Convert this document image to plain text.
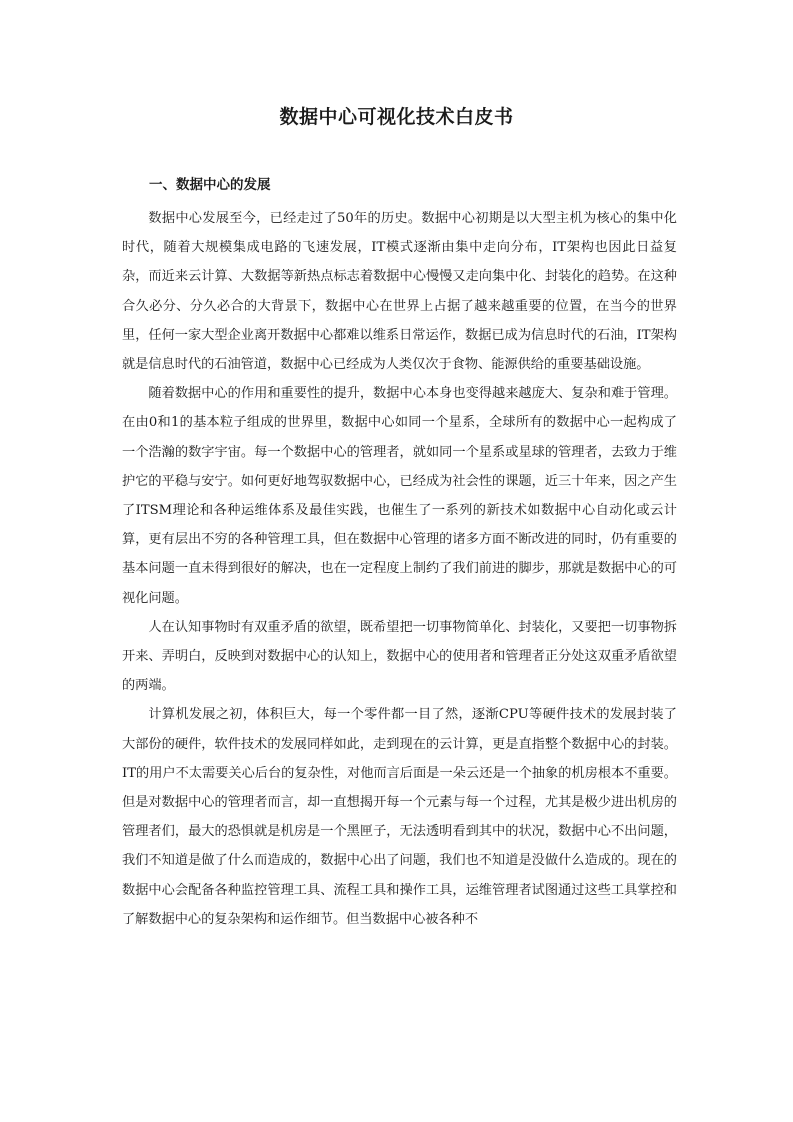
数据中心可视化技术白皮书
一、数据中心的发展

数据中心发展至今，已经走过了50年的历史。数据中心初期是以大型主机为核心的集中化时代，随着大规模集成电路的飞速发展，IT模式逐渐由集中走向分布，IT架构也因此日益复杂，而近来云计算、大数据等新热点标志着数据中心慢慢又走向集中化、封装化的趋势。在这种合久必分、分久必合的大背景下，数据中心在世界上占据了越来越重要的位置，在当今的世界里，任何一家大型企业离开数据中心都难以维系日常运作，数据已成为信息时代的石油，IT架构就是信息时代的石油管道，数据中心已经成为人类仅次于食物、能源供给的重要基础设施。

随着数据中心的作用和重要性的提升，数据中心本身也变得越来越庞大、复杂和难于管理。在由0和1的基本粒子组成的世界里，数据中心如同一个星系，全球所有的数据中心一起构成了一个浩瀚的数字宇宙。每一个数据中心的管理者，就如同一个星系或星球的管理者，去致力于维护它的平稳与安宁。如何更好地驾驭数据中心，已经成为社会性的课题，近三十年来，因之产生了ITSM理论和各种运维体系及最佳实践，也催生了一系列的新技术如数据中心自动化或云计算，更有层出不穷的各种管理工具，但在数据中心管理的诸多方面不断改进的同时，仍有重要的基本问题一直未得到很好的解决，也在一定程度上制约了我们前进的脚步，那就是数据中心的可视化问题。

人在认知事物时有双重矛盾的欲望，既希望把一切事物简单化、封装化，又要把一切事物拆开来、弄明白，反映到对数据中心的认知上，数据中心的使用者和管理者正分处这双重矛盾欲望的两端。

计算机发展之初，体积巨大，每一个零件都一目了然，逐渐CPU等硬件技术的发展封装了大部份的硬件，软件技术的发展同样如此，走到现在的云计算，更是直指整个数据中心的封装。IT的用户不太需要关心后台的复杂性，对他而言后面是一朵云还是一个抽象的机房根本不重要。但是对数据中心的管理者而言，却一直想揭开每一个元素与每一个过程，尤其是极少进出机房的管理者们，最大的恐惧就是机房是一个黑匣子，无法透明看到其中的状况，数据中心不出问题，我们不知道是做了什么而造成的，数据中心出了问题，我们也不知道是没做什么造成的。现在的数据中心会配备各种监控管理工具、流程工具和操作工具，运维管理者试图通过这些工具掌控和了解数据中心的复杂架构和运作细节。但当数据中心被各种不
